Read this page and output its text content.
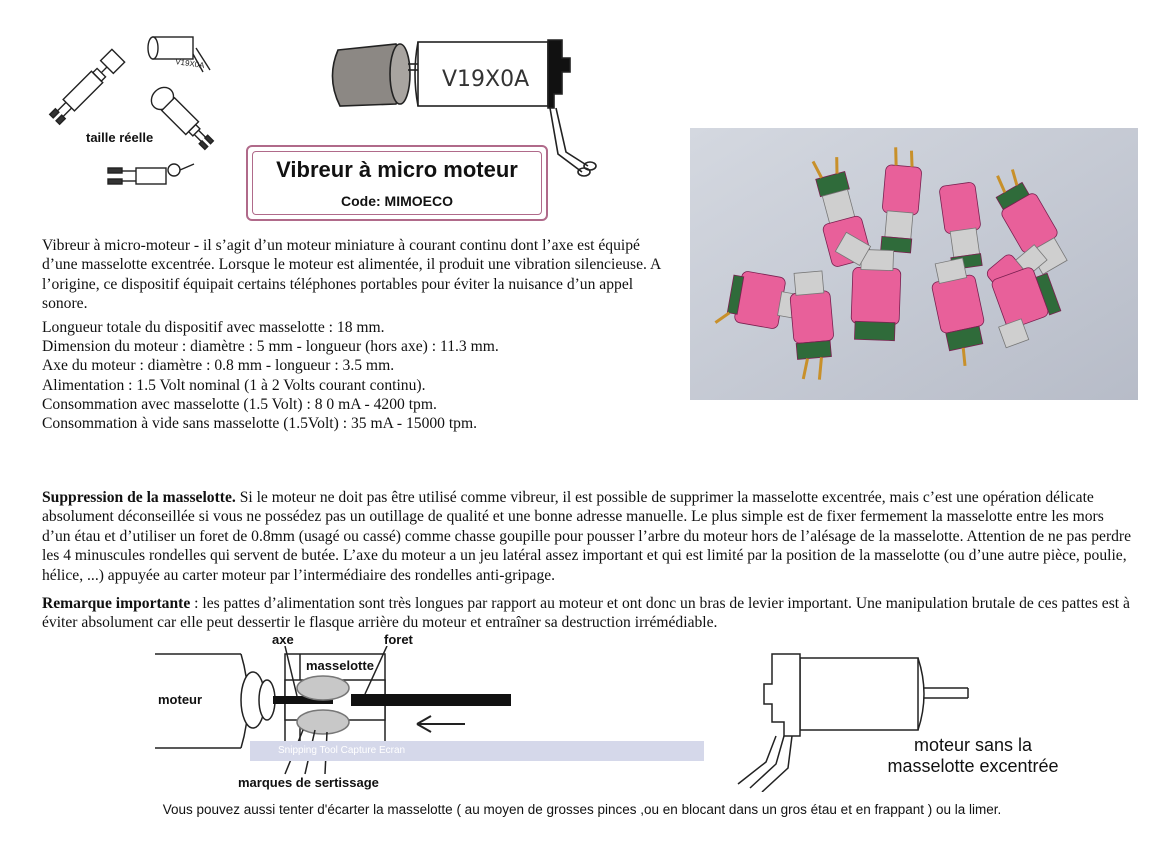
V19X0A
taille réelle
V19X0A
Vibreur à micro moteur
Code: MIMOECO
Vibreur à micro-moteur - il s’agit d’un moteur miniature à courant continu dont l’axe est équipé d’une masselotte excentrée. Lorsque le moteur est alimentée, il produit une vibration silencieuse. A l’origine, ce dispositif équipait certains téléphones portables pour éviter la nuisance d’un appel sonore.
Longueur totale du dispositif avec masselotte : 18 mm.
Dimension du moteur : diamètre : 5 mm - longueur (hors axe) : 11.3 mm.
Axe du moteur : diamètre : 0.8 mm - longueur : 3.5 mm.
Alimentation : 1.5 Volt nominal (1 à 2 Volts courant continu).
Consommation avec masselotte (1.5 Volt) : 8 0 mA - 4200 tpm.
Consommation à vide sans masselotte (1.5Volt) : 35 mA - 15000 tpm.
Suppression de la masselotte. Si le moteur ne doit pas être utilisé comme vibreur, il est possible de supprimer la masselotte excentrée, mais c’est une opération délicate absolument déconseillée si vous ne possédez pas un outillage de qualité et une bonne adresse manuelle. Le plus simple est de fixer fermement la masselotte entre les mors d’un étau et d’utiliser un foret de 0.8mm (usagé ou cassé) comme chasse goupille pour pousser l’arbre du moteur hors de l’alésage de la masselotte. Attention de ne pas perdre les 4 minuscules rondelles qui servent de butée. L’axe du moteur a un jeu latéral assez important et qui est limité par la position de la masselotte (ou d’une autre pièce, poulie, hélice, ...) appuyée au carter moteur par l’intermédiaire des rondelles anti-gripage.
Remarque importante : les pattes d’alimentation sont très longues par rapport au moteur et ont donc un bras de levier important. Une manipulation brutale de ces pattes est à éviter absolument car elle peut dessertir le flasque arrière du moteur et entraîner sa destruction irrémédiable.
axe	foret
masselotte
moteur
marques de sertissage
Snipping Tool Capture Ecran	moteur sans la
masselotte excentrée
Vous pouvez aussi tenter d'écarter la masselotte ( au moyen de grosses pinces ,ou en blocant dans un gros étau et en frappant ) ou la limer.
